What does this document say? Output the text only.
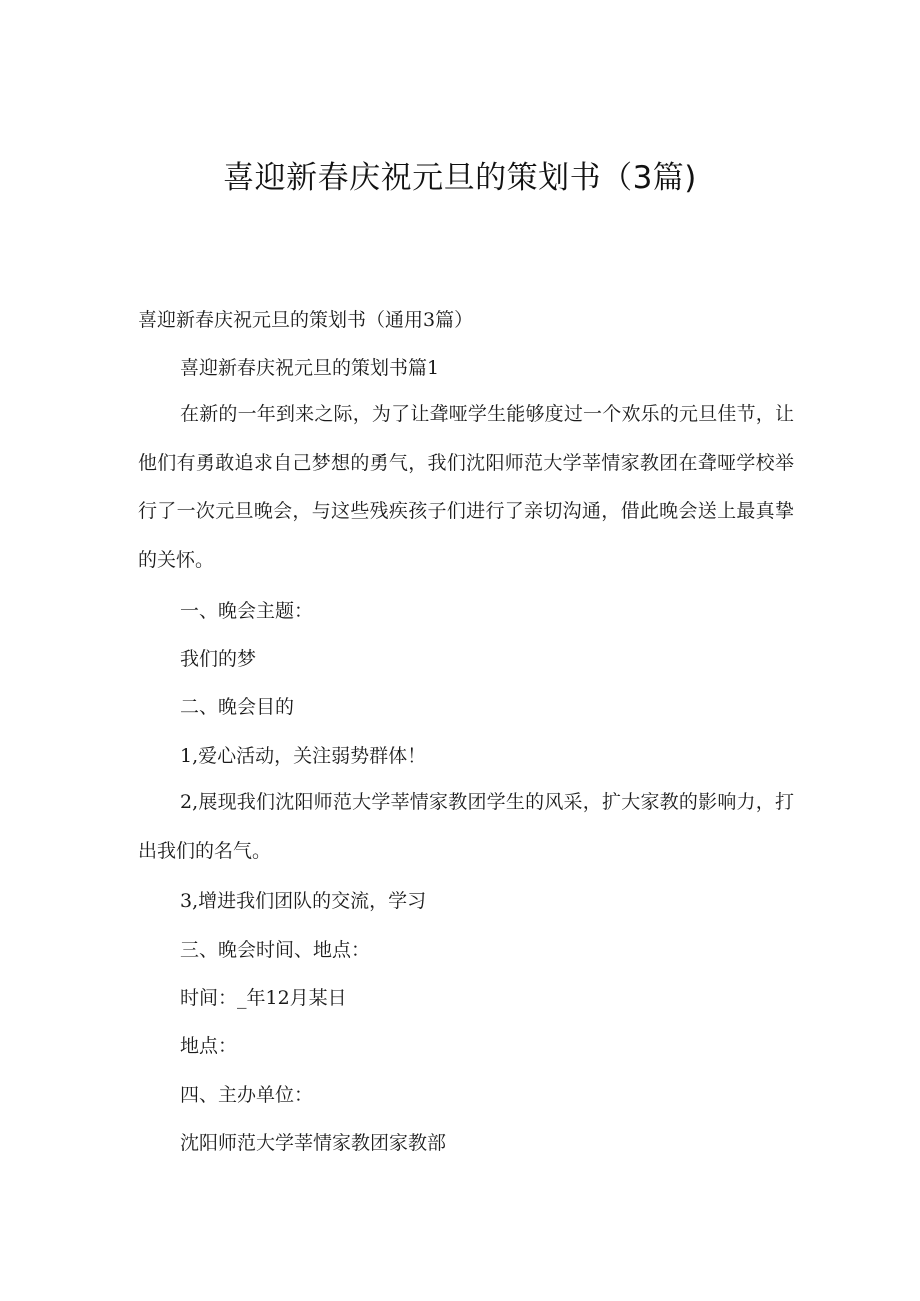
喜迎新春庆祝元旦的策划书（3篇)

喜迎新春庆祝元旦的策划书（通用3篇）

喜迎新春庆祝元旦的策划书篇1

在新的一年到来之际，为了让聋哑学生能够度过一个欢乐的元旦佳节，让他们有勇敢追求自己梦想的勇气，我们沈阳师范大学莘情家教团在聋哑学校举行了一次元旦晚会，与这些残疾孩子们进行了亲切沟通，借此晚会送上最真挚的关怀。

一、晚会主题：

我们的梦

二、晚会目的

1,爱心活动，关注弱势群体！

2,展现我们沈阳师范大学莘情家教团学生的风采，扩大家教的影响力，打出我们的名气。

3,增进我们团队的交流，学习

三、晚会时间、地点：

时间：_年12月某日

地点：

四、主办单位：

沈阳师范大学莘情家教团家教部
